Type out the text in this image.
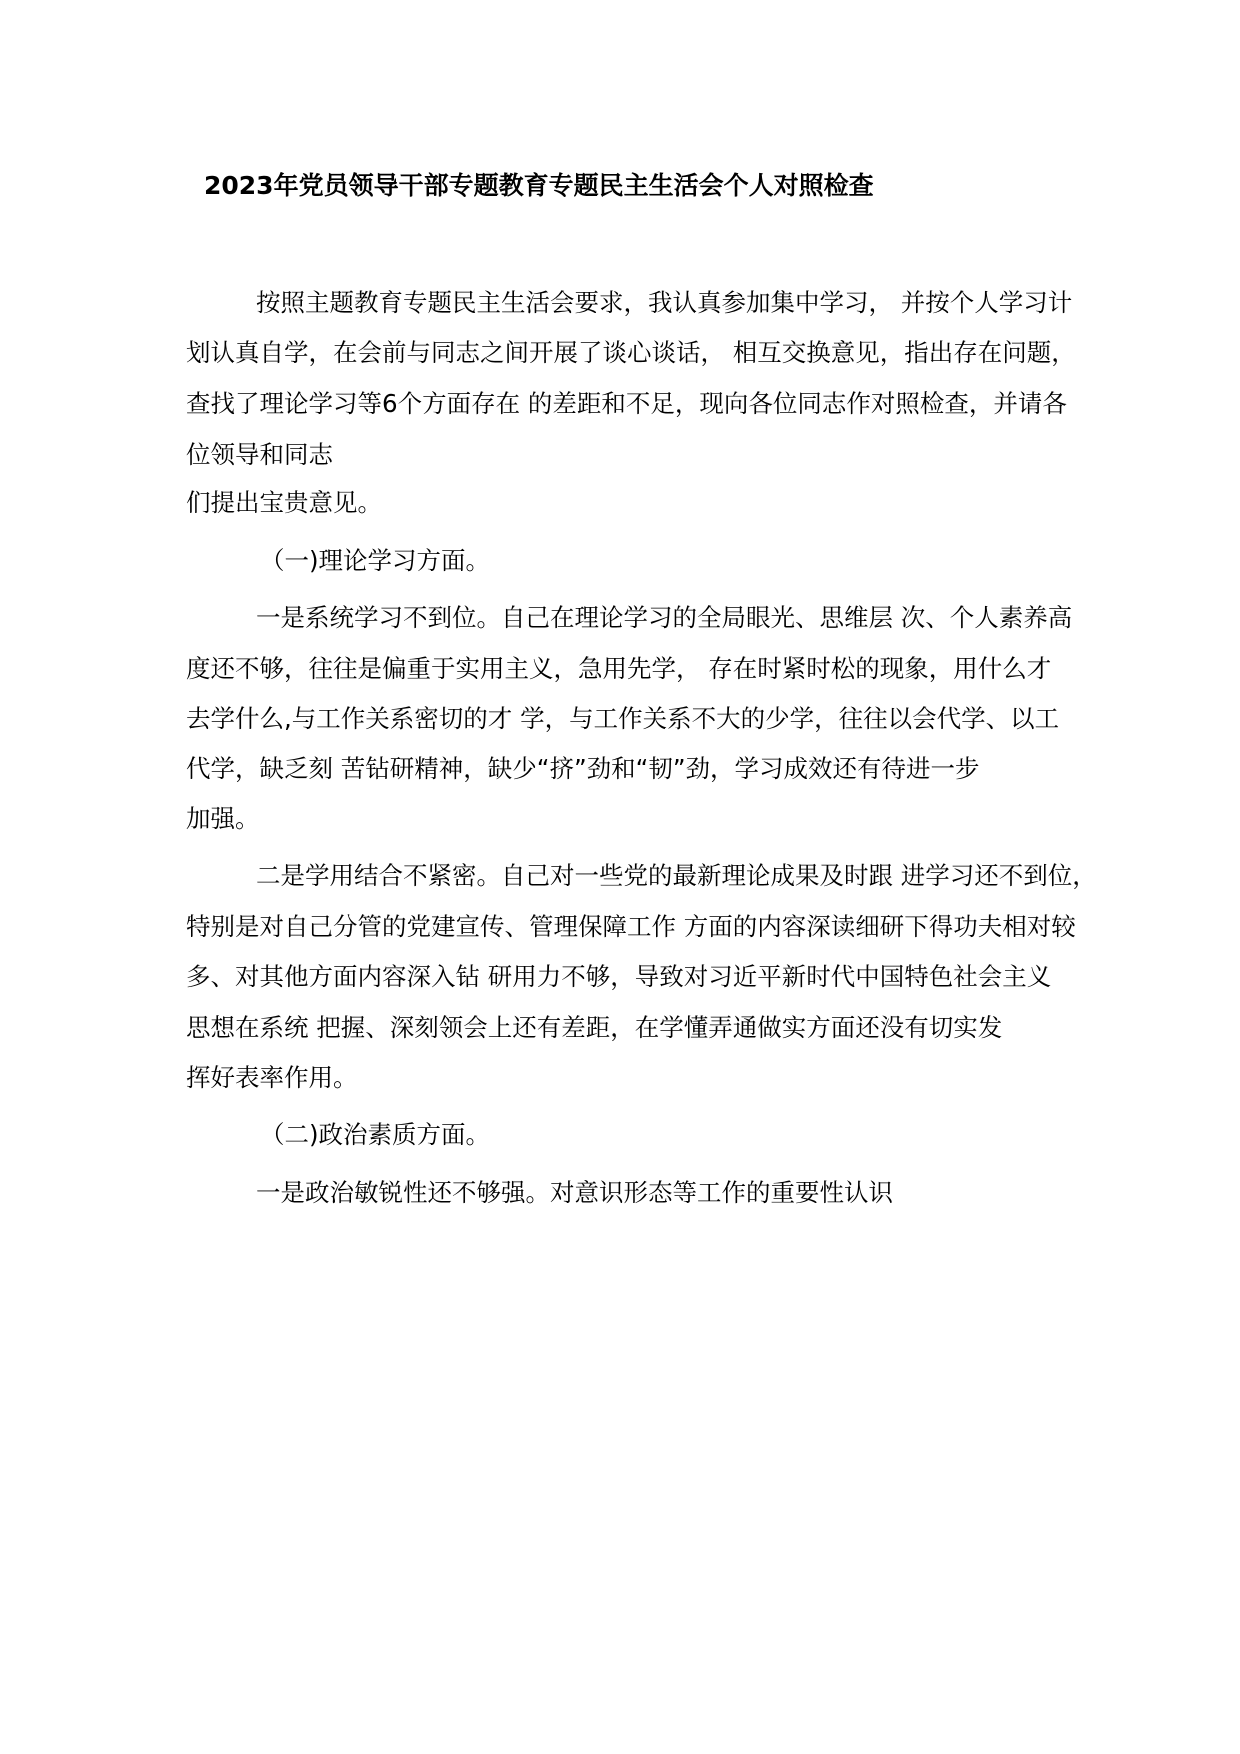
2023年党员领导干部专题教育专题民主生活会个人对照检查
按照主题教育专题民主生活会要求，我认真参加集中学习， 并按个人学习计
划认真自学，在会前与同志之间开展了谈心谈话， 相互交换意见，指出存在问题，
查找了理论学习等6个方面存在 的差距和不足，现向各位同志作对照检查，并请各
位领导和同志
们提出宝贵意见。
（一)理论学习方面。
一是系统学习不到位。自己在理论学习的全局眼光、思维层 次、个人素养高
度还不够，往往是偏重于实用主义，急用先学， 存在时紧时松的现象，用什么才
去学什么,与工作关系密切的才 学，与工作关系不大的少学，往往以会代学、以工
代学，缺乏刻 苦钻研精神，缺少“挤”劲和“韧”劲，学习成效还有待进一步
加强。
二是学用结合不紧密。自己对一些党的最新理论成果及时跟 进学习还不到位，
特别是对自己分管的党建宣传、管理保障工作 方面的内容深读细研下得功夫相对较
多、对其他方面内容深入钻 研用力不够，导致对习近平新时代中国特色社会主义
思想在系统 把握、深刻领会上还有差距，在学懂弄通做实方面还没有切实发
挥好表率作用。
（二)政治素质方面。
一是政治敏锐性还不够强。对意识形态等工作的重要性认识
